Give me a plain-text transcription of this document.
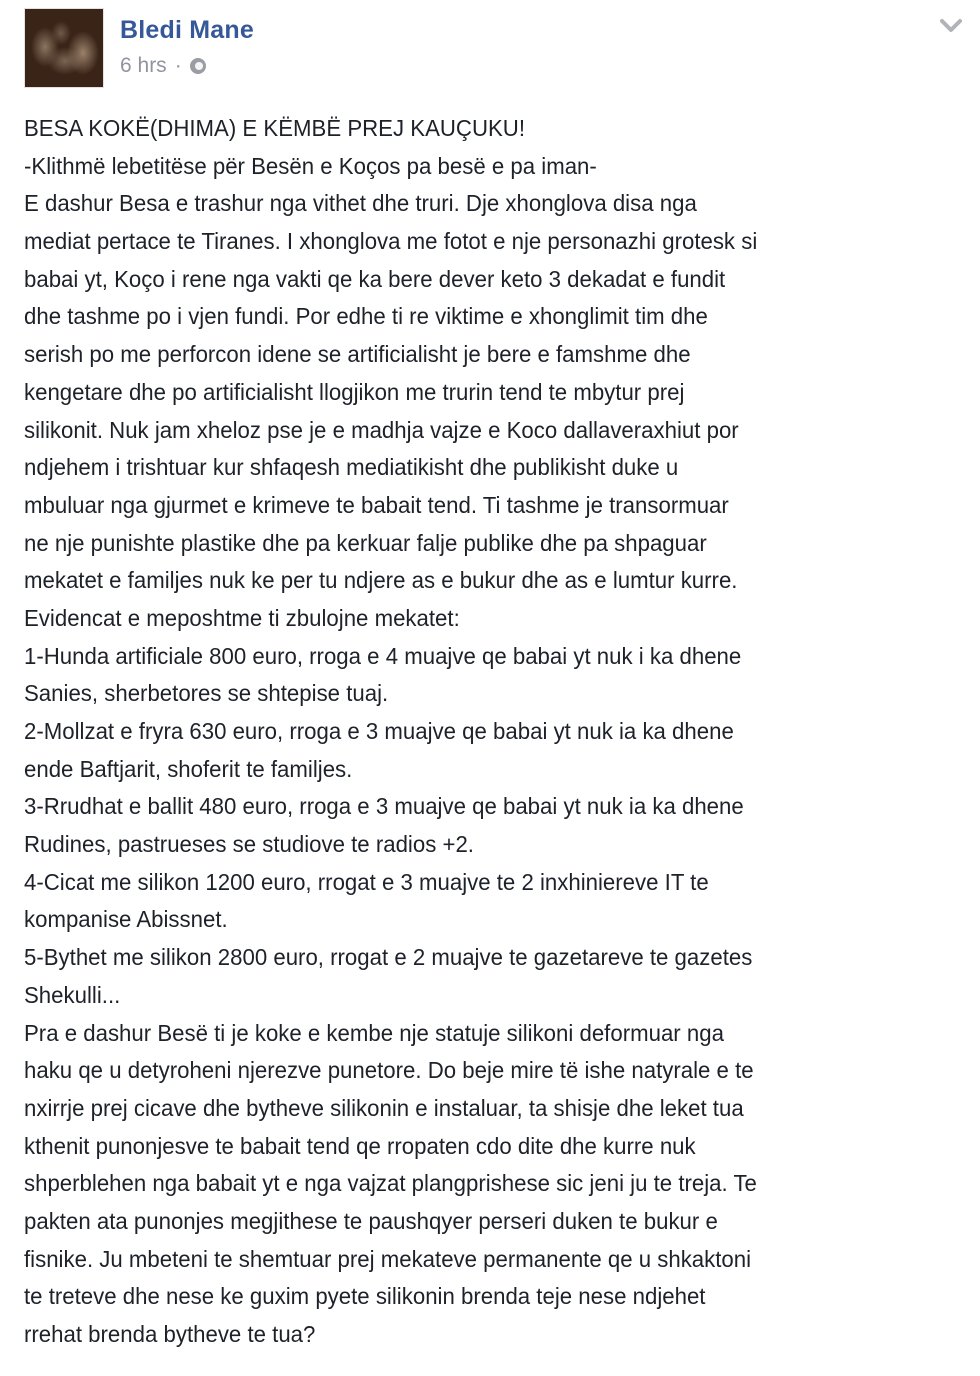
Bledi Mane
6 hrs ·
BESA KOKË(DHIMA) E KËMBË PREJ KAUÇUKU!
-Klithmë lebetitëse për Besën e Koços pa besë e pa iman-
E dashur Besa e trashur nga vithet dhe truri. Dje xhonglova disa nga
mediat pertace te Tiranes. I xhonglova me fotot e nje personazhi grotesk si
babai yt, Koço i rene nga vakti qe ka bere dever keto 3 dekadat e fundit
dhe tashme po i vjen fundi. Por edhe ti re viktime e xhonglimit tim dhe
serish po me perforcon idene se artificialisht je bere e famshme dhe
kengetare dhe po artificialisht llogjikon me trurin tend te mbytur prej
silikonit. Nuk jam xheloz pse je e madhja vajze e Koco dallaveraxhiut por
ndjehem i trishtuar kur shfaqesh mediatikisht dhe publikisht duke u
mbuluar nga gjurmet e krimeve te babait tend. Ti tashme je transormuar
ne nje punishte plastike dhe pa kerkuar falje publike dhe pa shpaguar
mekatet e familjes nuk ke per tu ndjere as e bukur dhe as e lumtur kurre.
Evidencat e meposhtme ti zbulojne mekatet:
1-Hunda artificiale 800 euro, rroga e 4 muajve qe babai yt nuk i ka dhene
Sanies, sherbetores se shtepise tuaj.
2-Mollzat e fryra 630 euro, rroga e 3 muajve qe babai yt nuk ia ka dhene
ende Baftjarit, shoferit te familjes.
3-Rrudhat e ballit 480 euro, rroga e 3 muajve qe babai yt nuk ia ka dhene
Rudines, pastrueses se studiove te radios +2.
4-Cicat me silikon 1200 euro, rrogat e 3 muajve te 2 inxhiniereve IT te
kompanise Abissnet.
5-Bythet me silikon 2800 euro, rrogat e 2 muajve te gazetareve te gazetes
Shekulli...
Pra e dashur Besë ti je koke e kembe nje statuje silikoni deformuar nga
haku qe u detyroheni njerezve punetore. Do beje mire të ishe natyrale e te
nxirrje prej cicave dhe bytheve silikonin e instaluar, ta shisje dhe leket tua
kthenit punonjesve te babait tend qe rropaten cdo dite dhe kurre nuk
shperblehen nga babait yt e nga vajzat plangprishese sic jeni ju te treja. Te
pakten ata punonjes megjithese te paushqyer perseri duken te bukur e
fisnike. Ju mbeteni te shemtuar prej mekateve permanente qe u shkaktoni
te treteve dhe nese ke guxim pyete silikonin brenda teje nese ndjehet
rrehat brenda bytheve te tua?
